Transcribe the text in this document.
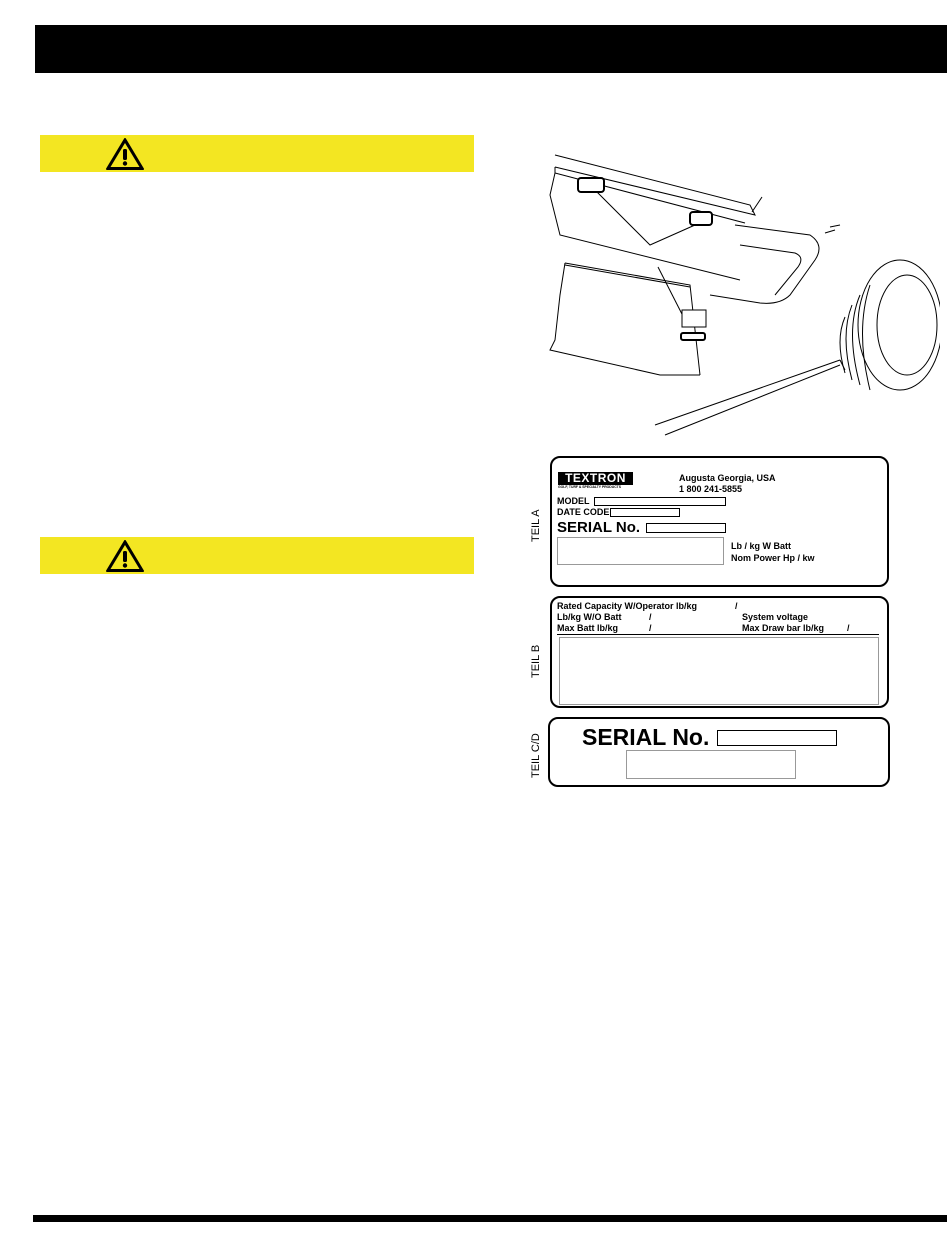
TEIL A
TEXTRON
GOLF, TURF & SPECIALTY PRODUCTS
Augusta Georgia, USA
1 800 241-5855
MODEL
DATE CODE
SERIAL No.
Lb / kg W Batt
Nom Power Hp / kw
TEIL B
Rated Capacity W/Operator lb/kg	/
Lb/kg W/O Batt	/	System voltage
Max Batt lb/kg	/	Max Draw bar lb/kg	/
TEIL C/D SERIAL No.
